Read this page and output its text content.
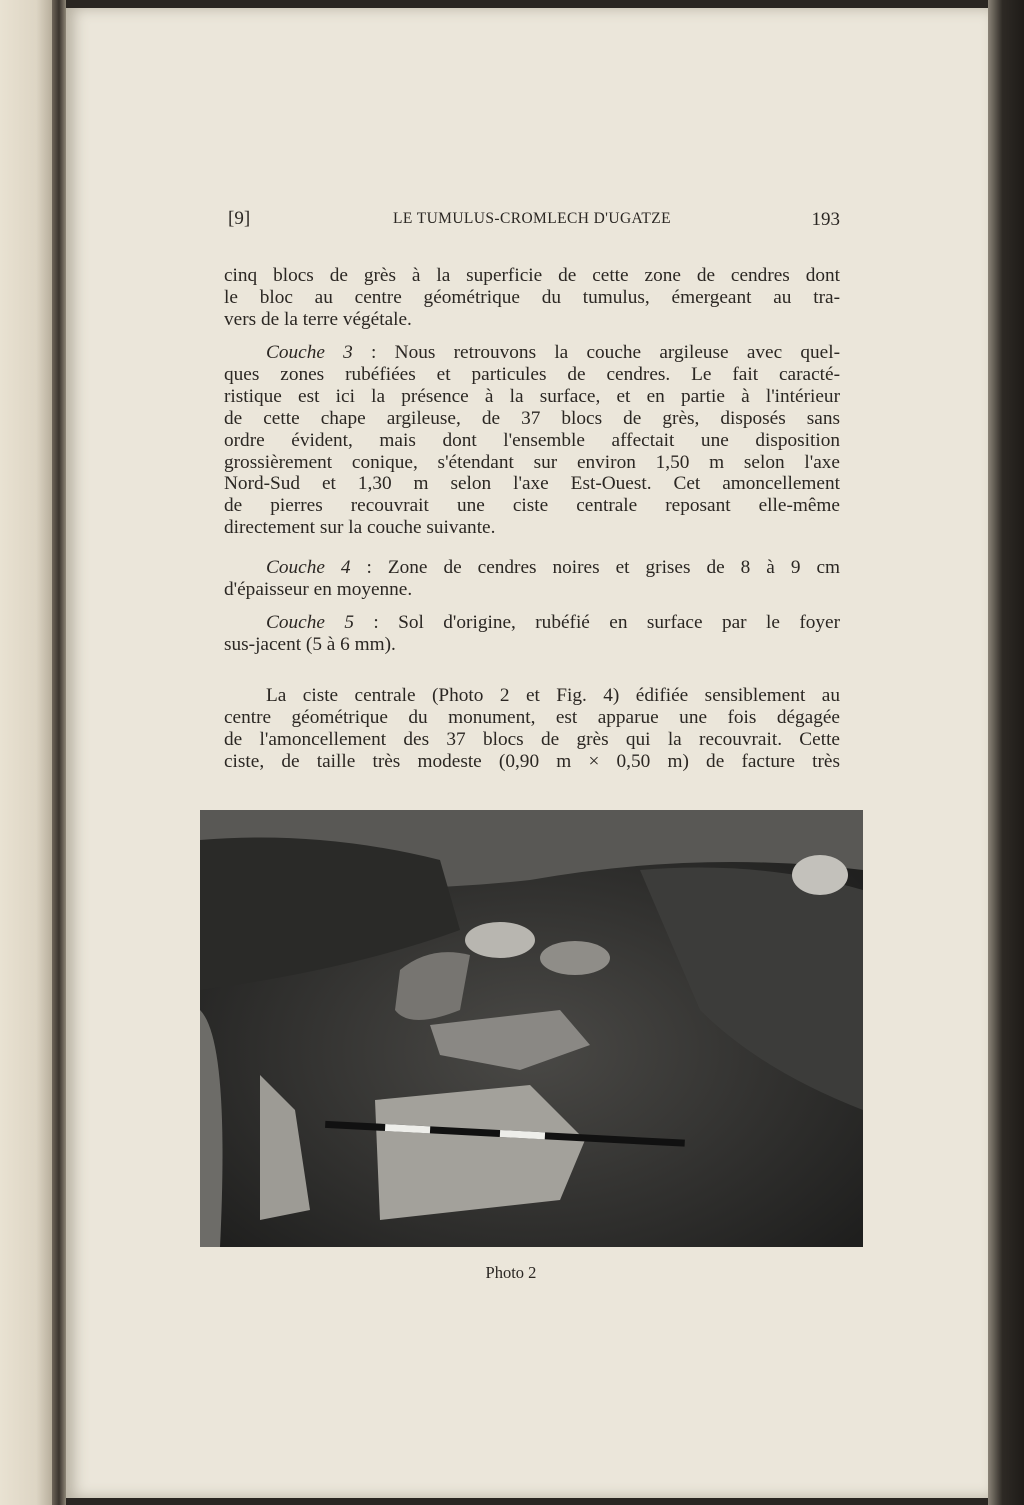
[9]	LE TUMULUS-CROMLECH D'UGATZE	193
cinq blocs de grès à la superficie de cette zone de cendres dont
le bloc au centre géométrique du tumulus, émergeant au tra-
vers de la terre végétale.
Couche 3 : Nous retrouvons la couche argileuse avec quel-
ques zones rubéfiées et particules de cendres. Le fait caracté-
ristique est ici la présence à la surface, et en partie à l'intérieur
de cette chape argileuse, de 37 blocs de grès, disposés sans
ordre évident, mais dont l'ensemble affectait une disposition
grossièrement conique, s'étendant sur environ 1,50 m selon l'axe
Nord-Sud et 1,30 m selon l'axe Est-Ouest. Cet amoncellement
de pierres recouvrait une ciste centrale reposant elle-même
directement sur la couche suivante.
Couche 4 : Zone de cendres noires et grises de 8 à 9 cm
d'épaisseur en moyenne.
Couche 5 : Sol d'origine, rubéfié en surface par le foyer
sus-jacent (5 à 6 mm).
La ciste centrale (Photo 2 et Fig. 4) édifiée sensiblement au
centre géométrique du monument, est apparue une fois dégagée
de l'amoncellement des 37 blocs de grès qui la recouvrait. Cette
ciste, de taille très modeste (0,90 m × 0,50 m) de facture très
Photo 2
